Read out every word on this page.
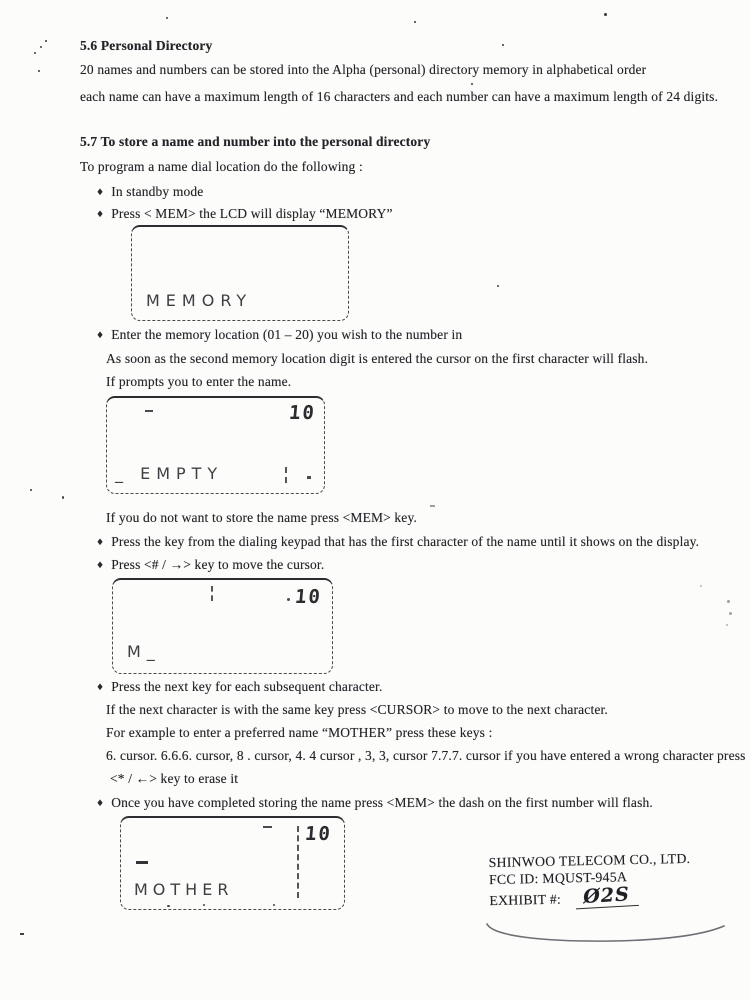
5.6 Personal Directory
20 names and numbers can be stored into the Alpha (personal) directory memory in alphabetical order
each name can have a maximum length of 16 characters and each number can have a maximum length of 24 digits.
5.7 To store a name and number into the personal directory
To program a name dial location do the following :
♦ In standby mode
♦ Press < MEM> the LCD will display “MEMORY”
MEMORY
♦ Enter the memory location (01 – 20) you wish to the number in
As soon as the second memory location digit is entered the cursor on the first character will flash.
If prompts you to enter the name.
10
_ EMPTY
If you do not want to store the name press <MEM> key.
♦ Press the key from the dialing keypad that has the first character of the name until it shows on the display.
♦ Press <# / →> key to move the cursor.
10
M_
♦ Press the next key for each subsequent character.
If the next character is with the same key press <CURSOR> to move to the next character.
For example to enter a preferred name “MOTHER” press these keys :
6. cursor. 6.6.6. cursor, 8 . cursor, 4. 4 cursor , 3, 3, cursor 7.7.7. cursor if you have entered a wrong character press
<* / ←> key to erase it
♦ Once you have completed storing the name press <MEM> the dash on the first number will flash.
10
MOTHER
SHINWOO TELECOM CO., LTD.
FCC ID: MQUST-945A
EXHIBIT #:	Ø2S
